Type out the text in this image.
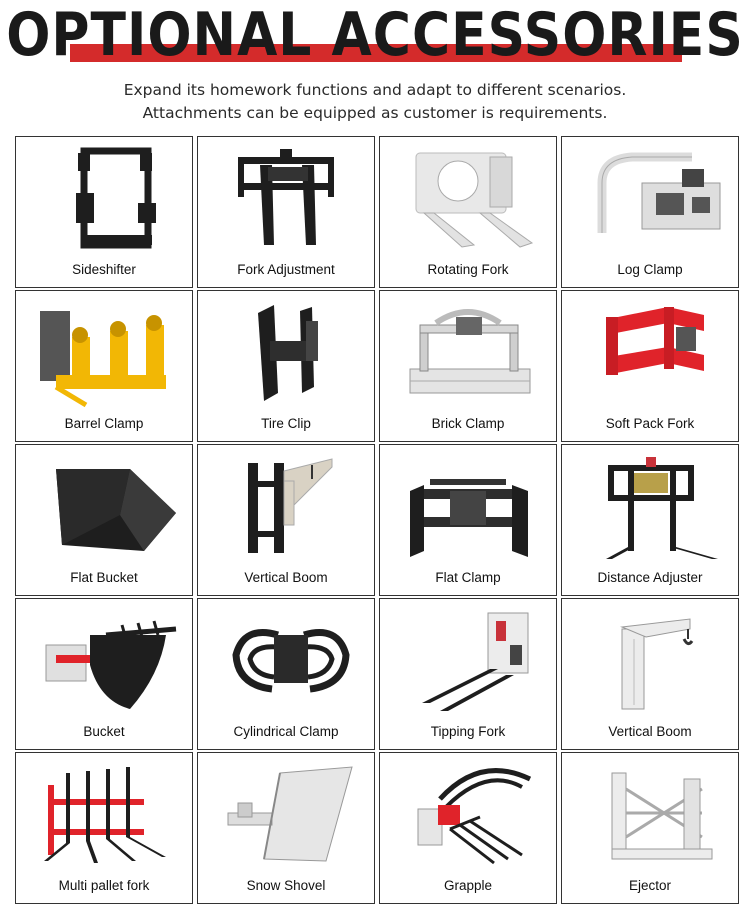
OPTIONAL ACCESSORIES
Expand its homework functions and adapt to different scenarios.
Attachments can be equipped as customer is requirements.
Sideshifter	Fork Adjustment	Rotating Fork	Log Clamp
Barrel Clamp	Tire Clip	Brick Clamp	Soft Pack Fork
Flat Bucket	Vertical Boom	Flat Clamp	Distance Adjuster
Bucket	Cylindrical Clamp	Tipping Fork	Vertical Boom
Multi pallet fork	Snow Shovel	Grapple	Ejector
